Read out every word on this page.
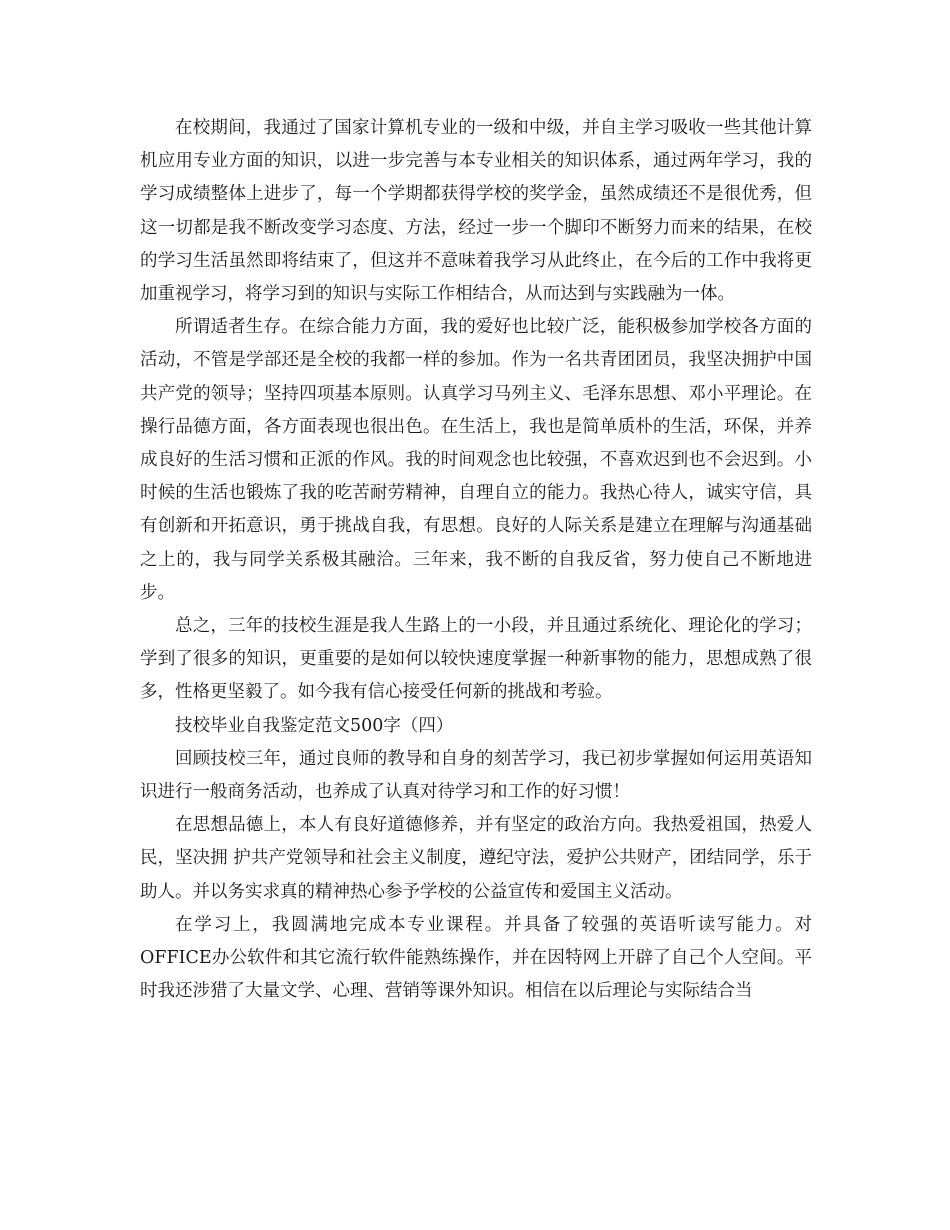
在校期间，我通过了国家计算机专业的一级和中级，并自主学习吸收一些其他计算机应用专业方面的知识，以进一步完善与本专业相关的知识体系，通过两年学习，我的学习成绩整体上进步了，每一个学期都获得学校的奖学金，虽然成绩还不是很优秀，但这一切都是我不断改变学习态度、方法，经过一步一个脚印不断努力而来的结果，在校的学习生活虽然即将结束了，但这并不意味着我学习从此终止，在今后的工作中我将更加重视学习，将学习到的知识与实际工作相结合，从而达到与实践融为一体。

所谓适者生存。在综合能力方面，我的爱好也比较广泛，能积极参加学校各方面的活动，不管是学部还是全校的我都一样的参加。作为一名共青团团员，我坚决拥护中国共产党的领导；坚持四项基本原则。认真学习马列主义、毛泽东思想、邓小平理论。在操行品德方面，各方面表现也很出色。在生活上，我也是简单质朴的生活，环保，并养成良好的生活习惯和正派的作风。我的时间观念也比较强，不喜欢迟到也不会迟到。小时候的生活也锻炼了我的吃苦耐劳精神，自理自立的能力。我热心待人，诚实守信，具有创新和开拓意识，勇于挑战自我，有思想。良好的人际关系是建立在理解与沟通基础之上的，我与同学关系极其融洽。三年来，我不断的自我反省，努力使自己不断地进步。

总之，三年的技校生涯是我人生路上的一小段，并且通过系统化、理论化的学习；学到了很多的知识，更重要的是如何以较快速度掌握一种新事物的能力，思想成熟了很多，性格更坚毅了。如今我有信心接受任何新的挑战和考验。

技校毕业自我鉴定范文500字（四）

回顾技校三年，通过良师的教导和自身的刻苦学习，我已初步掌握如何运用英语知识进行一般商务活动，也养成了认真对待学习和工作的好习惯！

在思想品德上，本人有良好道德修养，并有坚定的政治方向。我热爱祖国，热爱人民，坚决拥 护共产党领导和社会主义制度，遵纪守法，爱护公共财产，团结同学，乐于助人。并以务实求真的精神热心参予学校的公益宣传和爱国主义活动。

在学习上，我圆满地完成本专业课程。并具备了较强的英语听读写能力。对OFFICE办公软件和其它流行软件能熟练操作，并在因特网上开辟了自己个人空间。平时我还涉猎了大量文学、心理、营销等课外知识。相信在以后理论与实际结合当
